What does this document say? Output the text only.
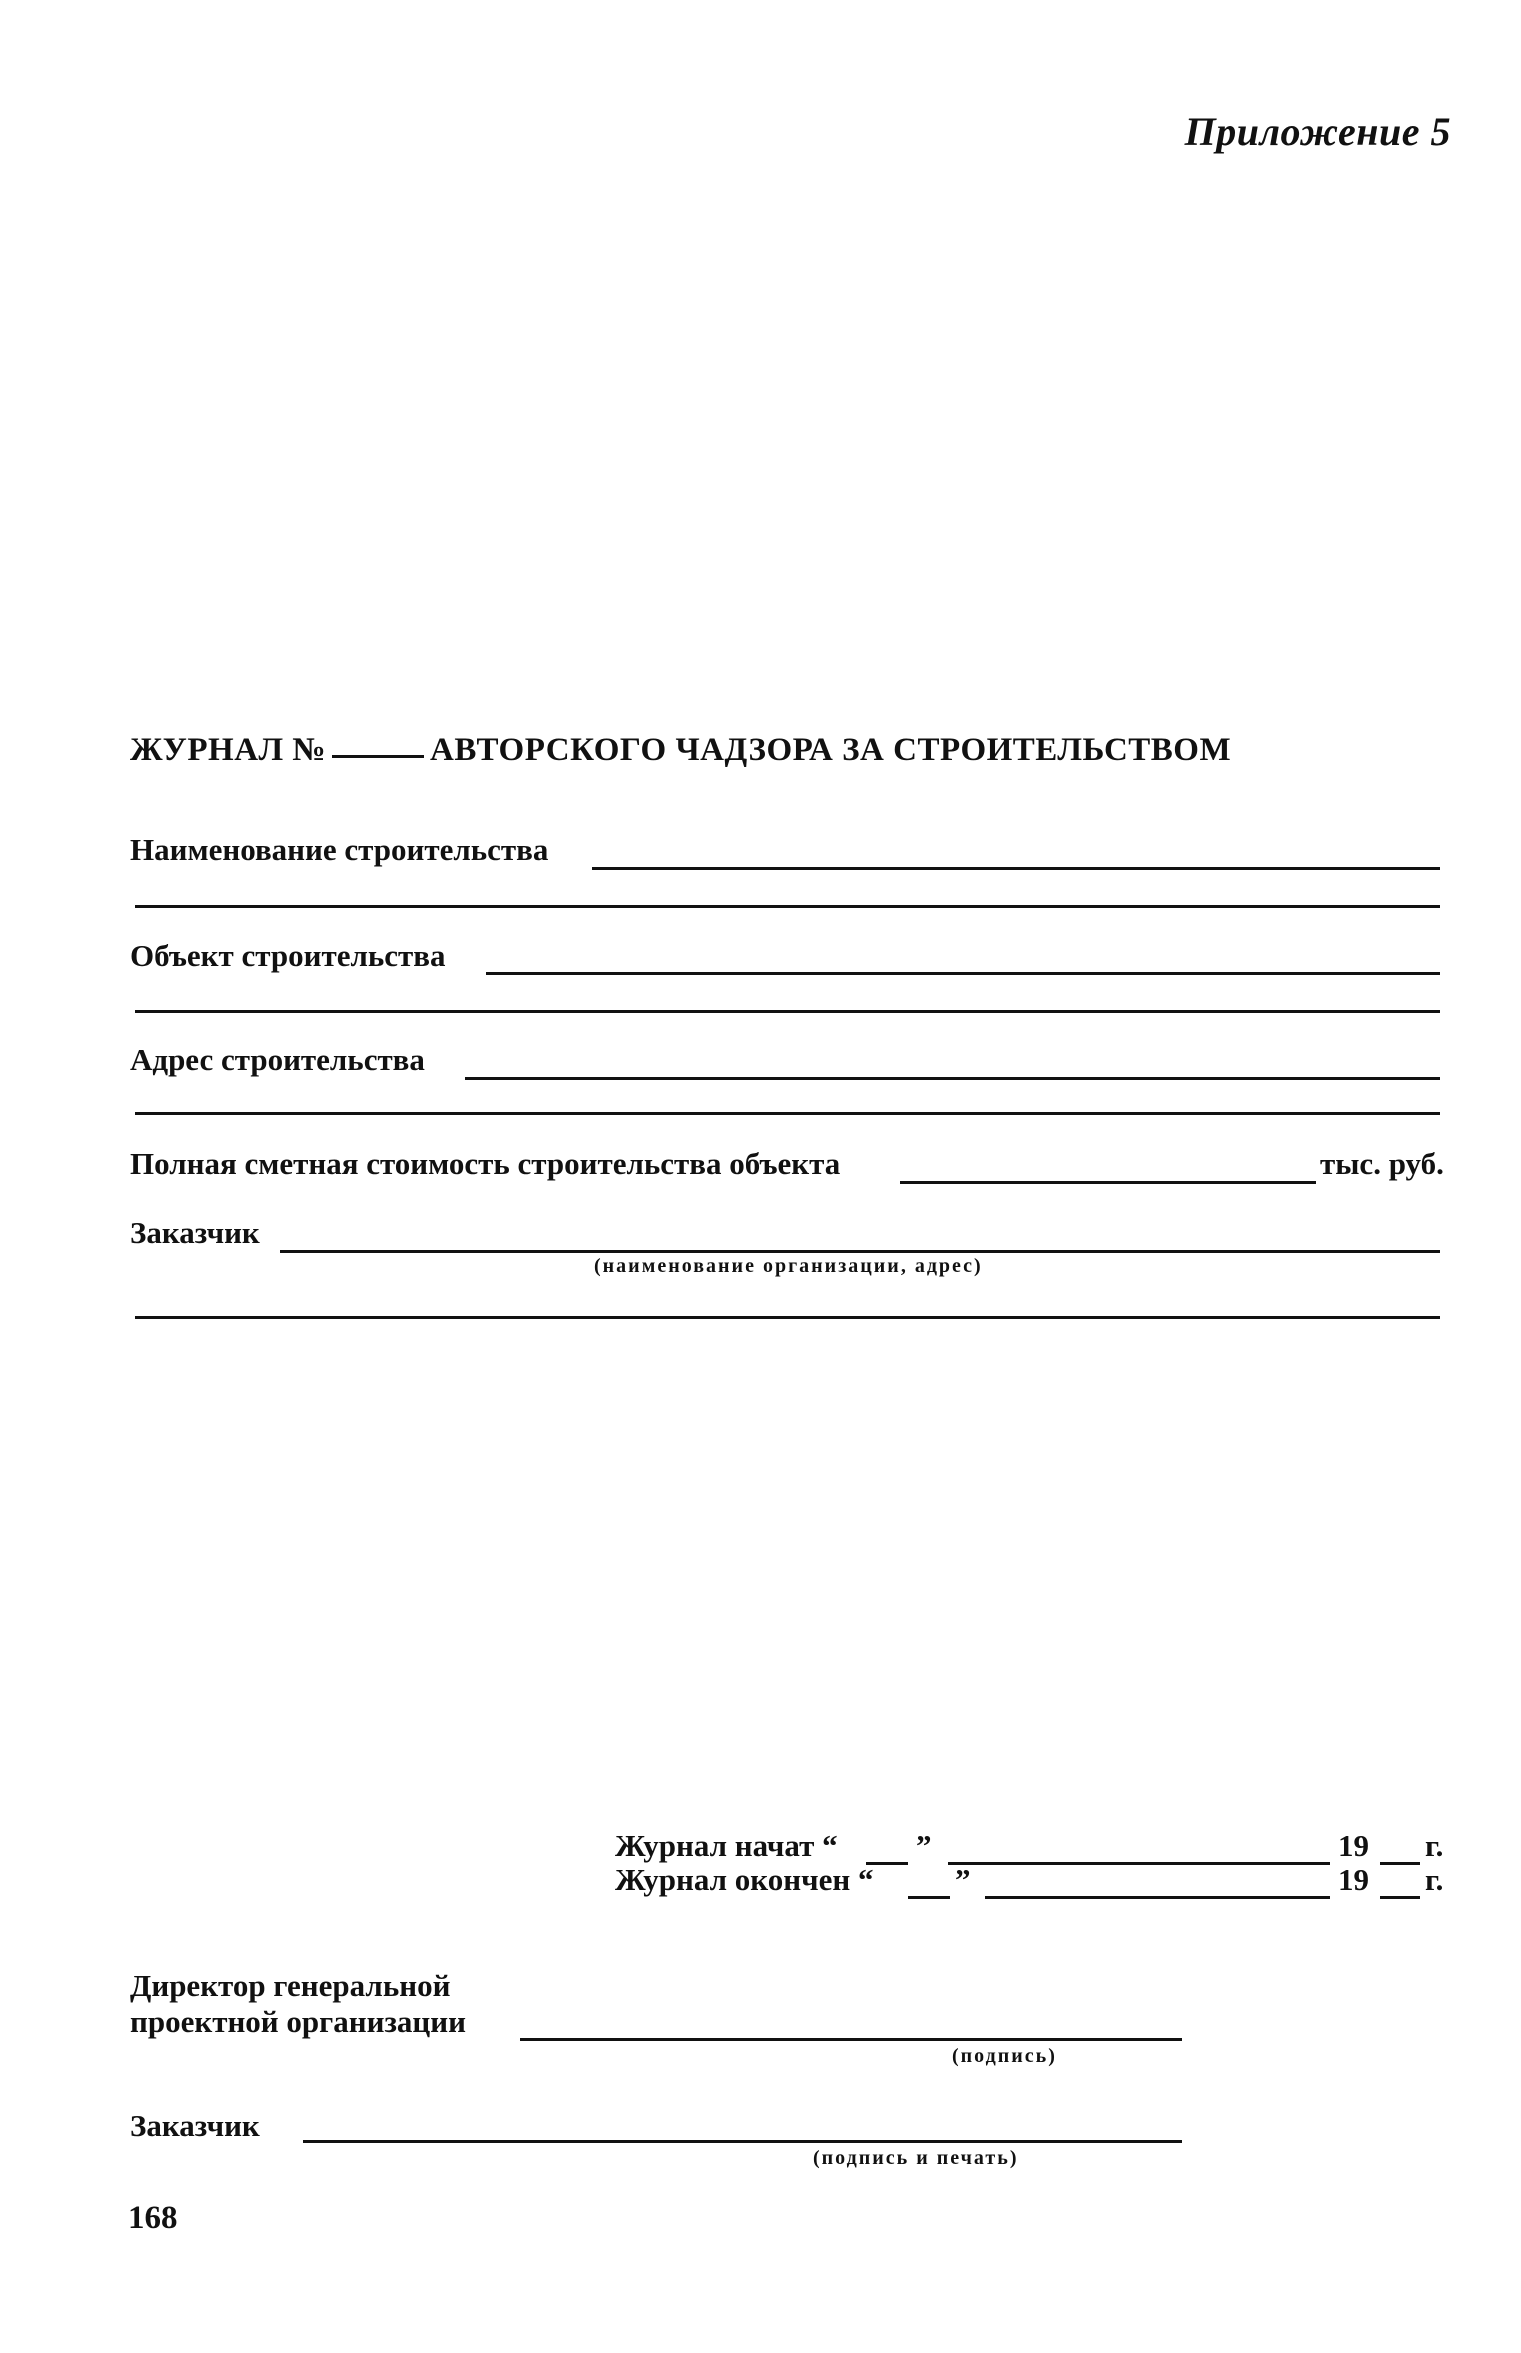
Приложение 5
ЖУРНАЛ №	АВТОРСКОГО ЧАДЗОРА ЗА СТРОИТЕЛЬСТВОМ
Наименование строительства
Объект строительства
Адрес строительства
Полная сметная стоимость строительства объекта	тыс. руб.
Заказчик
(наименование организации, адрес)
Журнал начат “	”	19 г.
Журнал окончен “	”	19 г.
Директор генеральной
проектной организации
(подпись)
Заказчик
(подпись и печать)
168
